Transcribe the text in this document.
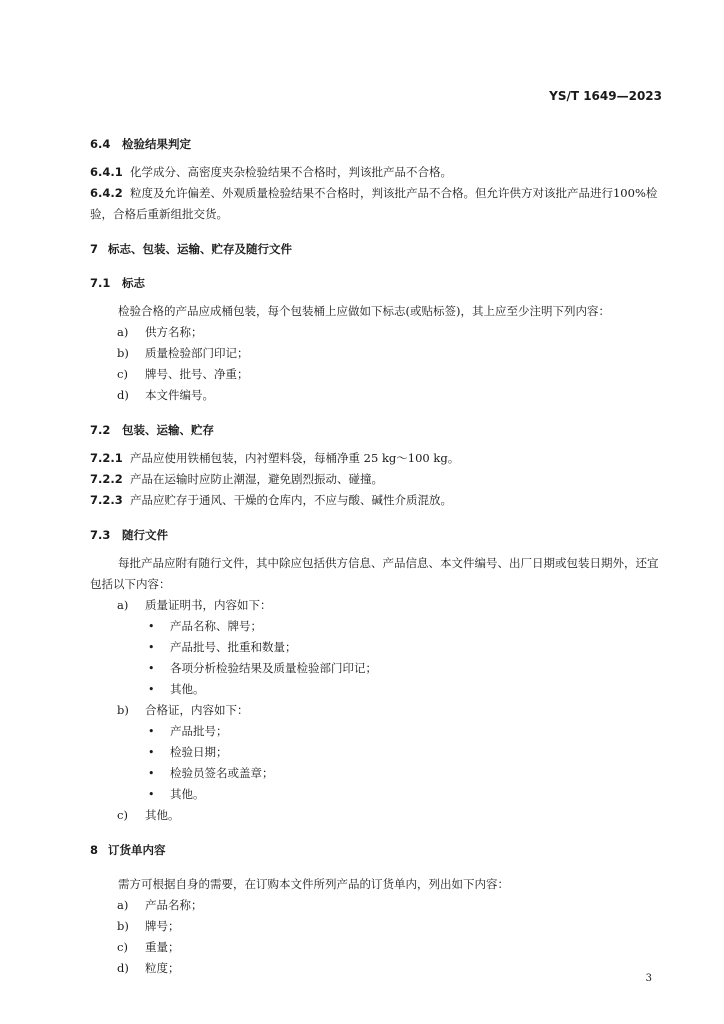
YS/T 1649—2023
6.4 检验结果判定
6.4.1 化学成分、高密度夹杂检验结果不合格时，判该批产品不合格。
6.4.2 粒度及允许偏差、外观质量检验结果不合格时，判该批产品不合格。但允许供方对该批产品进行100%检验，合格后重新组批交货。
7 标志、包装、运输、贮存及随行文件
7.1 标志
检验合格的产品应成桶包装，每个包装桶上应做如下标志(或贴标签)，其上应至少注明下列内容：
a) 供方名称；
b) 质量检验部门印记；
c) 牌号、批号、净重；
d) 本文件编号。
7.2 包装、运输、贮存
7.2.1 产品应使用铁桶包装，内衬塑料袋，每桶净重 25 kg～100 kg。
7.2.2 产品在运输时应防止潮湿，避免剧烈振动、碰撞。
7.2.3 产品应贮存于通风、干燥的仓库内，不应与酸、碱性介质混放。
7.3 随行文件
每批产品应附有随行文件，其中除应包括供方信息、产品信息、本文件编号、出厂日期或包装日期外，还宜包括以下内容：
a) 质量证明书，内容如下：
• 产品名称、牌号；
• 产品批号、批重和数量；
• 各项分析检验结果及质量检验部门印记；
• 其他。
b) 合格证，内容如下：
• 产品批号；
• 检验日期；
• 检验员签名或盖章；
• 其他。
c) 其他。
8 订货单内容
需方可根据自身的需要，在订购本文件所列产品的订货单内，列出如下内容：
a) 产品名称；
b) 牌号；
c) 重量；
d) 粒度；
3
